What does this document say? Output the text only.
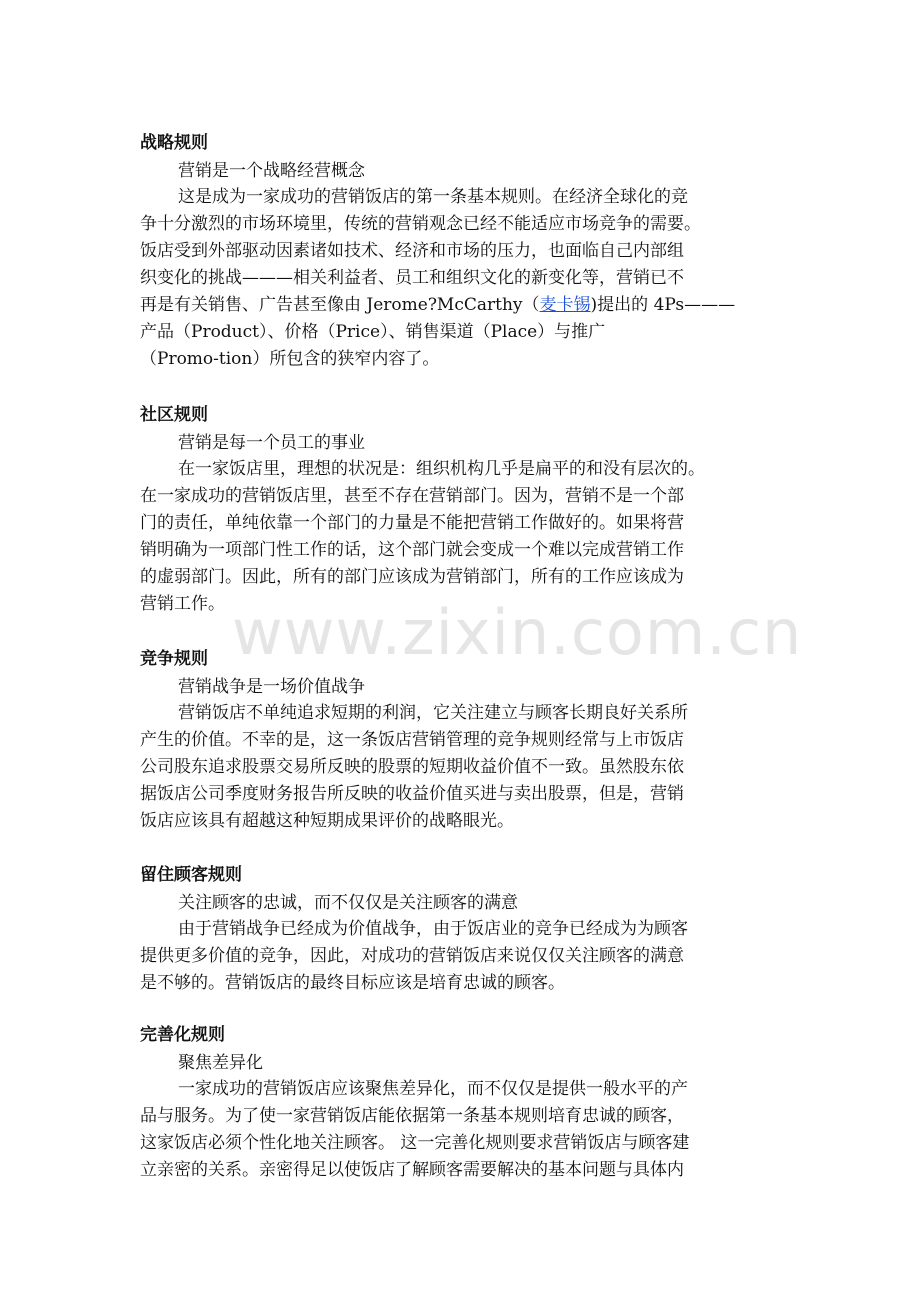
战略规则
营销是一个战略经营概念
这是成为一家成功的营销饭店的第一条基本规则。在经济全球化的竞
争十分激烈的市场环境里，传统的营销观念已经不能适应市场竞争的需要。
饭店受到外部驱动因素诸如技术、经济和市场的压力，也面临自己内部组
织变化的挑战———相关利益者、员工和组织文化的新变化等，营销已不
再是有关销售、广告甚至像由 Jerome?McCarthy（麦卡锡)提出的 4Ps———
产品（Product）、价格（Price）、销售渠道（Place）与推广
（Promo-tion）所包含的狭窄内容了。
社区规则
营销是每一个员工的事业
在一家饭店里，理想的状况是：组织机构几乎是扁平的和没有层次的。
在一家成功的营销饭店里，甚至不存在营销部门。因为，营销不是一个部
门的责任，单纯依靠一个部门的力量是不能把营销工作做好的。如果将营
销明确为一项部门性工作的话，这个部门就会变成一个难以完成营销工作
的虚弱部门。因此，所有的部门应该成为营销部门，所有的工作应该成为
营销工作。
竞争规则
营销战争是一场价值战争
营销饭店不单纯追求短期的利润，它关注建立与顾客长期良好关系所
产生的价值。不幸的是，这一条饭店营销管理的竞争规则经常与上市饭店
公司股东追求股票交易所反映的股票的短期收益价值不一致。虽然股东依
据饭店公司季度财务报告所反映的收益价值买进与卖出股票，但是，营销
饭店应该具有超越这种短期成果评价的战略眼光。
留住顾客规则
关注顾客的忠诚，而不仅仅是关注顾客的满意
由于营销战争已经成为价值战争，由于饭店业的竞争已经成为为顾客
提供更多价值的竞争，因此，对成功的营销饭店来说仅仅关注顾客的满意
是不够的。营销饭店的最终目标应该是培育忠诚的顾客。
完善化规则
聚焦差异化
一家成功的营销饭店应该聚焦差异化，而不仅仅是提供一般水平的产
品与服务。为了使一家营销饭店能依据第一条基本规则培育忠诚的顾客，
这家饭店必须个性化地关注顾客。 这一完善化规则要求营销饭店与顾客建
立亲密的关系。亲密得足以使饭店了解顾客需要解决的基本问题与具体内
www.zixin.com.cn
